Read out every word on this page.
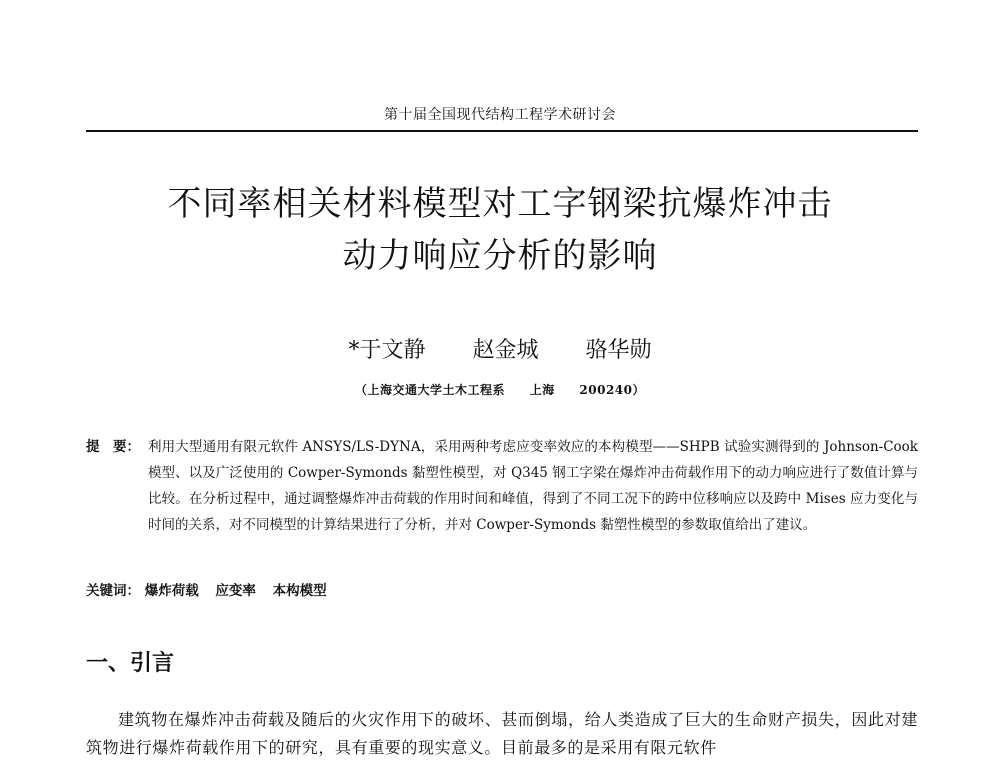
第十届全国现代结构工程学术研讨会
不同率相关材料模型对工字钢梁抗爆炸冲击
动力响应分析的影响
*于文静 赵金城 骆华勋
（上海交通大学土木工程系 上海 200240）
提　要： 利用大型通用有限元软件 ANSYS/LS-DYNA，采用两种考虑应变率效应的本构模型——SHPB 试验实测得到的 Johnson-Cook 模型、以及广泛使用的 Cowper-Symonds 黏塑性模型，对 Q345 钢工字梁在爆炸冲击荷载作用下的动力响应进行了数值计算与比较。在分析过程中，通过调整爆炸冲击荷载的作用时间和峰值，得到了不同工况下的跨中位移响应以及跨中 Mises 应力变化与时间的关系，对不同模型的计算结果进行了分析，并对 Cowper-Symonds 黏塑性模型的参数取值给出了建议。
关键词： 爆炸荷载 应变率 本构模型
一、引言
建筑物在爆炸冲击荷载及随后的火灾作用下的破坏、甚而倒塌，给人类造成了巨大的生命财产损失，因此对建筑物进行爆炸荷载作用下的研究，具有重要的现实意义。目前最多的是采用有限元软件
